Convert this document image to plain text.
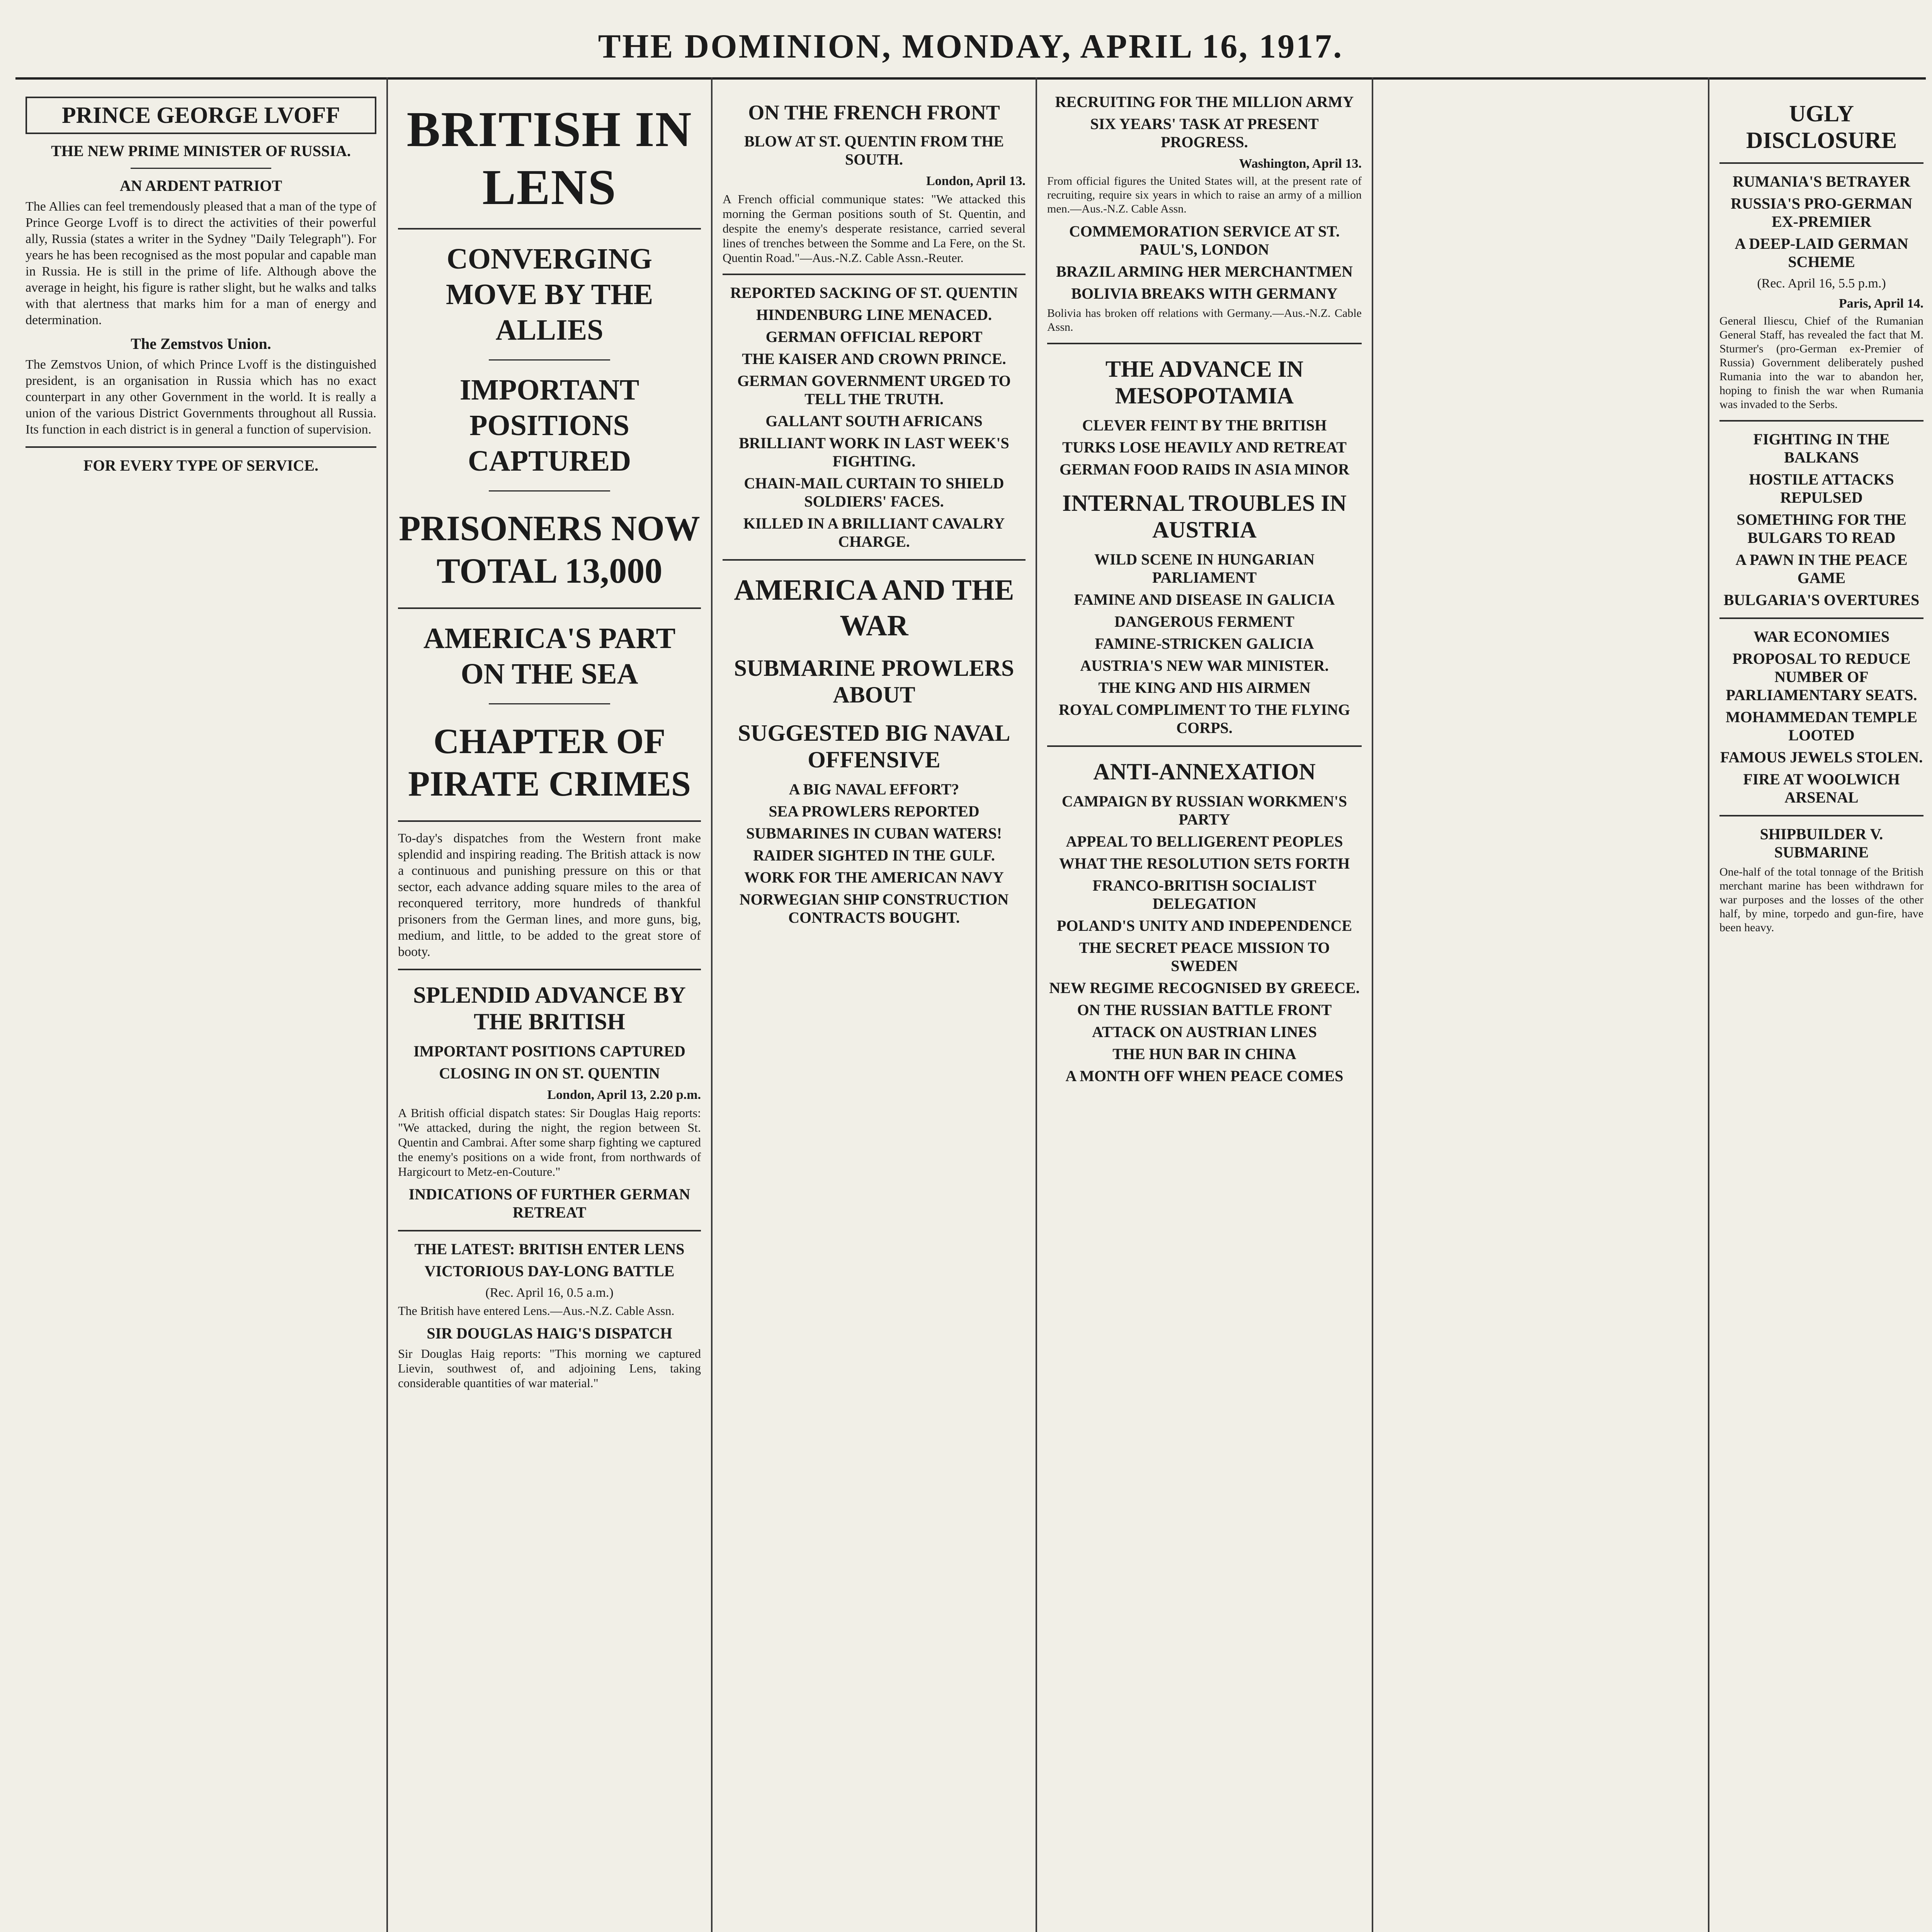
THE DOMINION, MONDAY, APRIL 16, 1917.
PRINCE GEORGE LVOFF
THE NEW PRIME MINISTER OF RUSSIA.
AN ARDENT PATRIOT

The Allies can feel tremendously pleased that a man of the type of Prince George Lvoff is to direct the activities of their powerful ally, Russia (states a writer in the Sydney "Daily Telegraph"). For years he has been recognised as the most popular and capable man in Russia. He is still in the prime of life. Although above the average in height, his figure is rather slight, but he walks and talks with that alertness that marks him for a man of energy and determination.

The Zemstvos Union.

The Zemstvos Union, of which Prince Lvoff is the distinguished president, is an organisation in Russia which has no exact counterpart in any other Government in the world. It is really a union of the various District Governments throughout all Russia. Its function in each district is in general a function of supervision.

FOR EVERY TYPE OF SERVICE.
BRITISH IN LENS
CONVERGING MOVE BY THE ALLIES
IMPORTANT POSITIONS CAPTURED
PRISONERS NOW TOTAL 13,000
AMERICA'S PART ON THE SEA
CHAPTER OF PIRATE CRIMES

To-day's dispatches from the Western front make splendid and inspiring reading. The British attack is now a continuous and punishing pressure on this or that sector, each advance adding square miles to the area of reconquered territory, more hundreds of thankful prisoners from the German lines, and more guns, big, medium, and little, to be added to the great store of booty.

SPLENDID ADVANCE BY THE BRITISH
IMPORTANT POSITIONS CAPTURED
CLOSING IN ON ST. QUENTIN
London, April 13, 2.20 p.m.

A British official dispatch states: Sir Douglas Haig reports: "We attacked, during the night, the region between St. Quentin and Cambrai. After some sharp fighting we captured the enemy's positions on a wide front, from northwards of Hargicourt to Metz-en-Couture."

INDICATIONS OF FURTHER GERMAN RETREAT
THE LATEST: BRITISH ENTER LENS
VICTORIOUS DAY-LONG BATTLE
(Rec. April 16, 0.5 a.m.)

The British have entered Lens.—Aus.-N.Z. Cable Assn.

SIR DOUGLAS HAIG'S DISPATCH

Sir Douglas Haig reports: "This morning we captured Lievin, southwest of, and adjoining Lens, taking considerable quantities of war material."

ON THE FRENCH FRONT
BLOW AT ST. QUENTIN FROM THE SOUTH.
London, April 13.

A French official communique states: "We attacked this morning the German positions south of St. Quentin, and despite the enemy's desperate resistance, carried several lines of trenches between the Somme and La Fere, on the St. Quentin Road."—Aus.-N.Z. Cable Assn.-Reuter.

REPORTED SACKING OF ST. QUENTIN
HINDENBURG LINE MENACED.
GERMAN OFFICIAL REPORT
THE KAISER AND CROWN PRINCE.
GERMAN GOVERNMENT URGED TO TELL THE TRUTH.
GALLANT SOUTH AFRICANS
BRILLIANT WORK IN LAST WEEK'S FIGHTING.
CHAIN-MAIL CURTAIN TO SHIELD SOLDIERS' FACES.
KILLED IN A BRILLIANT CAVALRY CHARGE.
AMERICA AND THE WAR
SUBMARINE PROWLERS ABOUT
SUGGESTED BIG NAVAL OFFENSIVE
A BIG NAVAL EFFORT?
SEA PROWLERS REPORTED
SUBMARINES IN CUBAN WATERS!
RAIDER SIGHTED IN THE GULF.
WORK FOR THE AMERICAN NAVY
NORWEGIAN SHIP CONSTRUCTION CONTRACTS BOUGHT.
RECRUITING FOR THE MILLION ARMY
SIX YEARS' TASK AT PRESENT PROGRESS.
Washington, April 13.

From official figures the United States will, at the present rate of recruiting, require six years in which to raise an army of a million men.—Aus.-N.Z. Cable Assn.

COMMEMORATION SERVICE AT ST. PAUL'S, LONDON
BRAZIL ARMING HER MERCHANTMEN
BOLIVIA BREAKS WITH GERMANY

Bolivia has broken off relations with Germany.—Aus.-N.Z. Cable Assn.

THE ADVANCE IN MESOPOTAMIA
CLEVER FEINT BY THE BRITISH
TURKS LOSE HEAVILY AND RETREAT
GERMAN FOOD RAIDS IN ASIA MINOR
INTERNAL TROUBLES IN AUSTRIA
WILD SCENE IN HUNGARIAN PARLIAMENT
FAMINE AND DISEASE IN GALICIA
DANGEROUS FERMENT
FAMINE-STRICKEN GALICIA
AUSTRIA'S NEW WAR MINISTER.
THE KING AND HIS AIRMEN
ROYAL COMPLIMENT TO THE FLYING CORPS.
ANTI-ANNEXATION
CAMPAIGN BY RUSSIAN WORKMEN'S PARTY
APPEAL TO BELLIGERENT PEOPLES
WHAT THE RESOLUTION SETS FORTH
FRANCO-BRITISH SOCIALIST DELEGATION
POLAND'S UNITY AND INDEPENDENCE
THE SECRET PEACE MISSION TO SWEDEN
NEW REGIME RECOGNISED BY GREECE.
ON THE RUSSIAN BATTLE FRONT
ATTACK ON AUSTRIAN LINES
THE HUN BAR IN CHINA
A MONTH OFF WHEN PEACE COMES
UGLY DISCLOSURE
RUMANIA'S BETRAYER
RUSSIA'S PRO-GERMAN EX-PREMIER
A DEEP-LAID GERMAN SCHEME
(Rec. April 16, 5.5 p.m.)
Paris, April 14.

General Iliescu, Chief of the Rumanian General Staff, has revealed the fact that M. Sturmer's (pro-German ex-Premier of Russia) Government deliberately pushed Rumania into the war to abandon her, hoping to finish the war when Rumania was invaded to the Serbs.

FIGHTING IN THE BALKANS
HOSTILE ATTACKS REPULSED
SOMETHING FOR THE BULGARS TO READ
A PAWN IN THE PEACE GAME
BULGARIA'S OVERTURES
WAR ECONOMIES
PROPOSAL TO REDUCE NUMBER OF PARLIAMENTARY SEATS.
MOHAMMEDAN TEMPLE LOOTED
FAMOUS JEWELS STOLEN.
FIRE AT WOOLWICH ARSENAL
SHIPBUILDER V. SUBMARINE

One-half of the total tonnage of the British merchant marine has been withdrawn for war purposes and the losses of the other half, by mine, torpedo and gun-fire, have been heavy.
